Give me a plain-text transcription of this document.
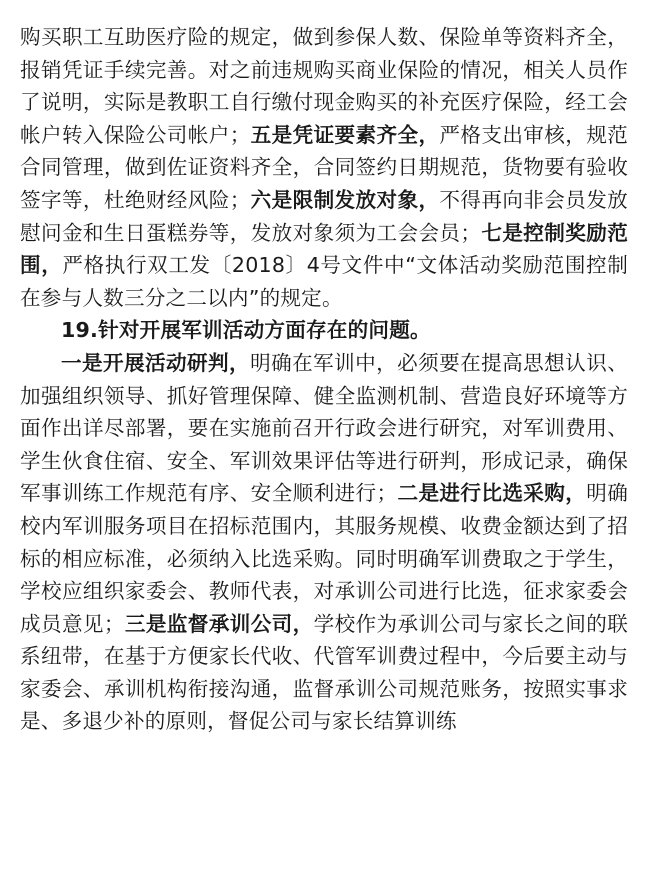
购买职工互助医疗险的规定，做到参保人数、保险单等资料齐全，报销凭证手续完善。对之前违规购买商业保险的情况，相关人员作了说明，实际是教职工自行缴付现金购买的补充医疗保险，经工会帐户转入保险公司帐户；五是凭证要素齐全，严格支出审核，规范合同管理，做到佐证资料齐全，合同签约日期规范，货物要有验收签字等，杜绝财经风险；六是限制发放对象，不得再向非会员发放慰问金和生日蛋糕券等，发放对象须为工会会员；七是控制奖励范围，严格执行双工发〔2018〕4号文件中“文体活动奖励范围控制在参与人数三分之二以内”的规定。

19.针对开展军训活动方面存在的问题。

一是开展活动研判，明确在军训中，必须要在提高思想认识、加强组织领导、抓好管理保障、健全监测机制、营造良好环境等方面作出详尽部署，要在实施前召开行政会进行研究，对军训费用、学生伙食住宿、安全、军训效果评估等进行研判，形成记录，确保军事训练工作规范有序、安全顺利进行；二是进行比选采购，明确校内军训服务项目在招标范围内，其服务规模、收费金额达到了招标的相应标准，必须纳入比选采购。同时明确军训费取之于学生，学校应组织家委会、教师代表，对承训公司进行比选，征求家委会成员意见；三是监督承训公司，学校作为承训公司与家长之间的联系纽带，在基于方便家长代收、代管军训费过程中，今后要主动与家委会、承训机构衔接沟通，监督承训公司规范账务，按照实事求是、多退少补的原则，督促公司与家长结算训练
